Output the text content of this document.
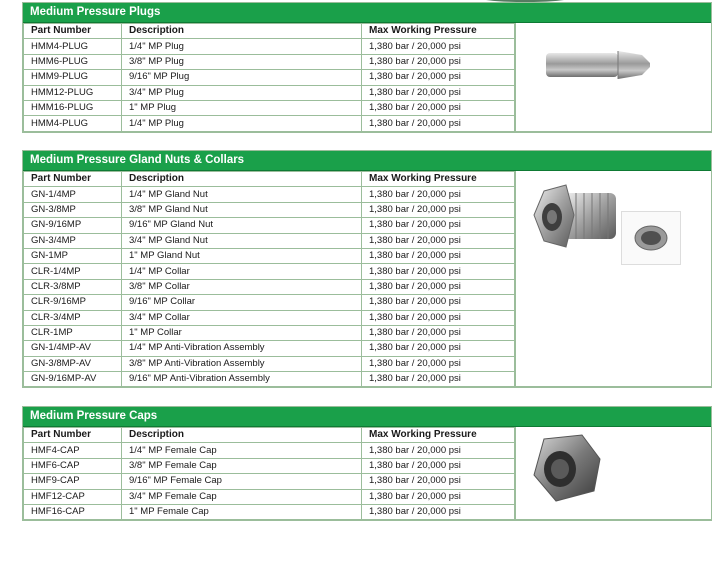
Medium Pressure Plugs
Part Number	Description	Max Working Pressure
HMM4-PLUG	1/4" MP Plug	1,380 bar / 20,000 psi
HMM6-PLUG	3/8" MP Plug	1,380 bar / 20,000 psi
HMM9-PLUG	9/16" MP Plug	1,380 bar / 20,000 psi
HMM12-PLUG	3/4" MP Plug	1,380 bar / 20,000 psi
HMM16-PLUG	1" MP Plug	1,380 bar / 20,000 psi
HMM4-PLUG	1/4" MP Plug	1,380 bar / 20,000 psi
Medium Pressure Gland Nuts & Collars
Part Number	Description	Max Working Pressure
GN-1/4MP	1/4" MP Gland Nut	1,380 bar / 20,000 psi
GN-3/8MP	3/8" MP Gland Nut	1,380 bar / 20,000 psi
GN-9/16MP	9/16" MP Gland Nut	1,380 bar / 20,000 psi
GN-3/4MP	3/4" MP Gland Nut	1,380 bar / 20,000 psi
GN-1MP	1" MP Gland Nut	1,380 bar / 20,000 psi
CLR-1/4MP	1/4" MP Collar	1,380 bar / 20,000 psi
CLR-3/8MP	3/8" MP Collar	1,380 bar / 20,000 psi
CLR-9/16MP	9/16" MP Collar	1,380 bar / 20,000 psi
CLR-3/4MP	3/4" MP Collar	1,380 bar / 20,000 psi
CLR-1MP	1" MP Collar	1,380 bar / 20,000 psi
GN-1/4MP-AV	1/4" MP Anti-Vibration Assembly	1,380 bar / 20,000 psi
GN-3/8MP-AV	3/8" MP Anti-Vibration Assembly	1,380 bar / 20,000 psi
GN-9/16MP-AV	9/16" MP Anti-Vibration Assembly	1,380 bar / 20,000 psi
Medium Pressure Caps
Part Number	Description	Max Working Pressure
HMF4-CAP	1/4" MP Female Cap	1,380 bar / 20,000 psi
HMF6-CAP	3/8" MP Female Cap	1,380 bar / 20,000 psi
HMF9-CAP	9/16" MP Female Cap	1,380 bar / 20,000 psi
HMF12-CAP	3/4" MP Female Cap	1,380 bar / 20,000 psi
HMF16-CAP	1" MP Female Cap	1,380 bar / 20,000 psi
